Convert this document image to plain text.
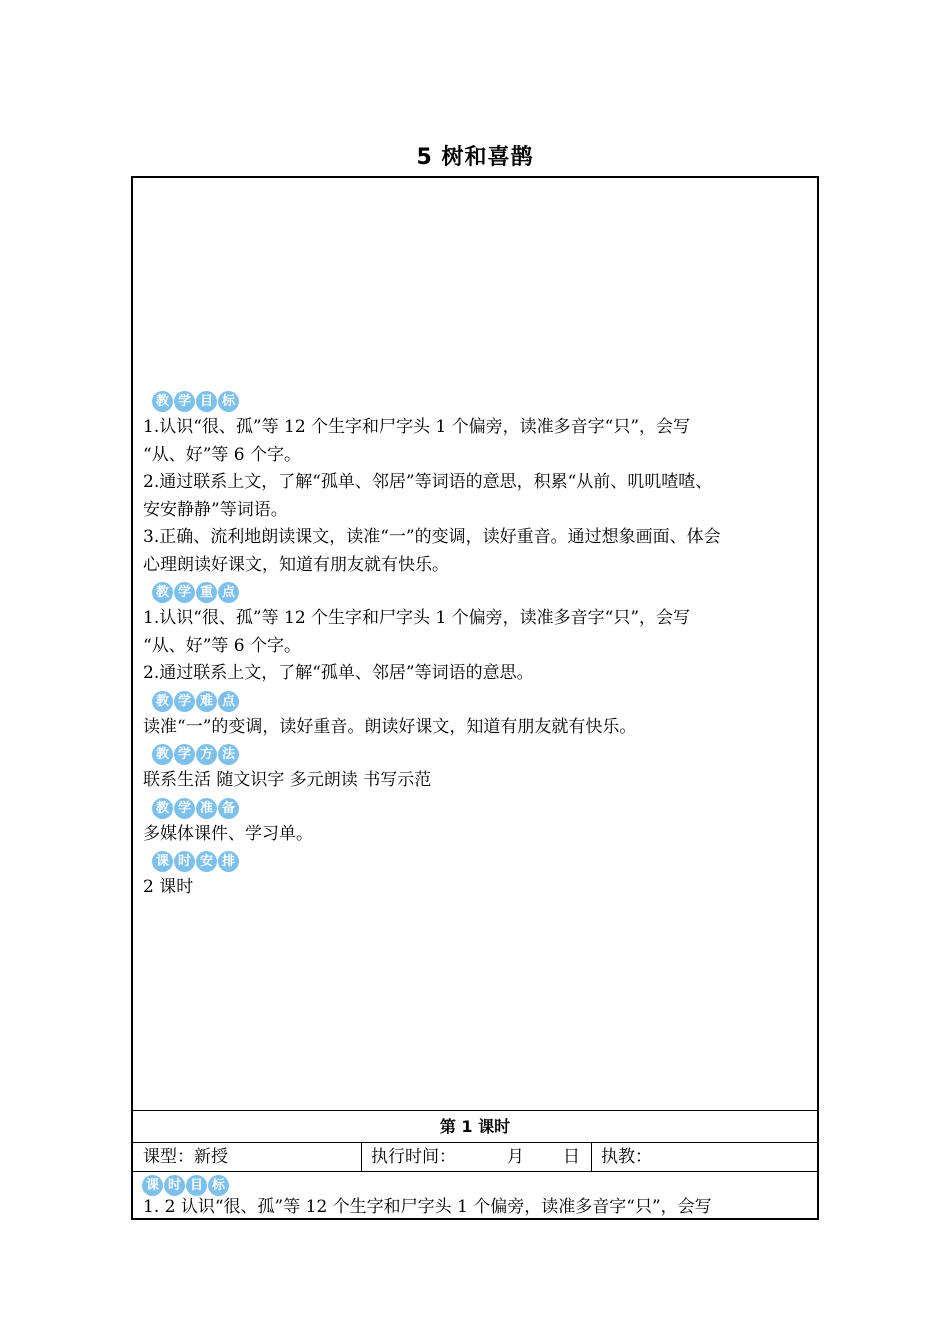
5 树和喜鹊
教 学 目 标
1.认识“很、孤”等 12 个生字和尸字头 1 个偏旁，读准多音字“只”，会写
“从、好”等 6 个字。
2.通过联系上文，了解“孤单、邻居”等词语的意思，积累“从前、叽叽喳喳、
安安静静”等词语。
3.正确、流利地朗读课文，读准“一”的变调，读好重音。通过想象画面、体会
心理朗读好课文，知道有朋友就有快乐。
教 学 重 点
1.认识“很、孤”等 12 个生字和尸字头 1 个偏旁，读准多音字“只”，会写
“从、好”等 6 个字。
2.通过联系上文，了解“孤单、邻居”等词语的意思。
教 学 难 点
读准“一”的变调，读好重音。朗读好课文，知道有朋友就有快乐。
教 学 方 法
联系生活 随文识字 多元朗读 书写示范
教 学 准 备
多媒体课件、学习单。
课 时 安 排
2 课时
第 1 课时
课型：新授	执行时间：	月	日	执教：
课 时 目 标
1. 2 认识“很、孤”等 12 个生字和尸字头 1 个偏旁，读准多音字“只”，会写
